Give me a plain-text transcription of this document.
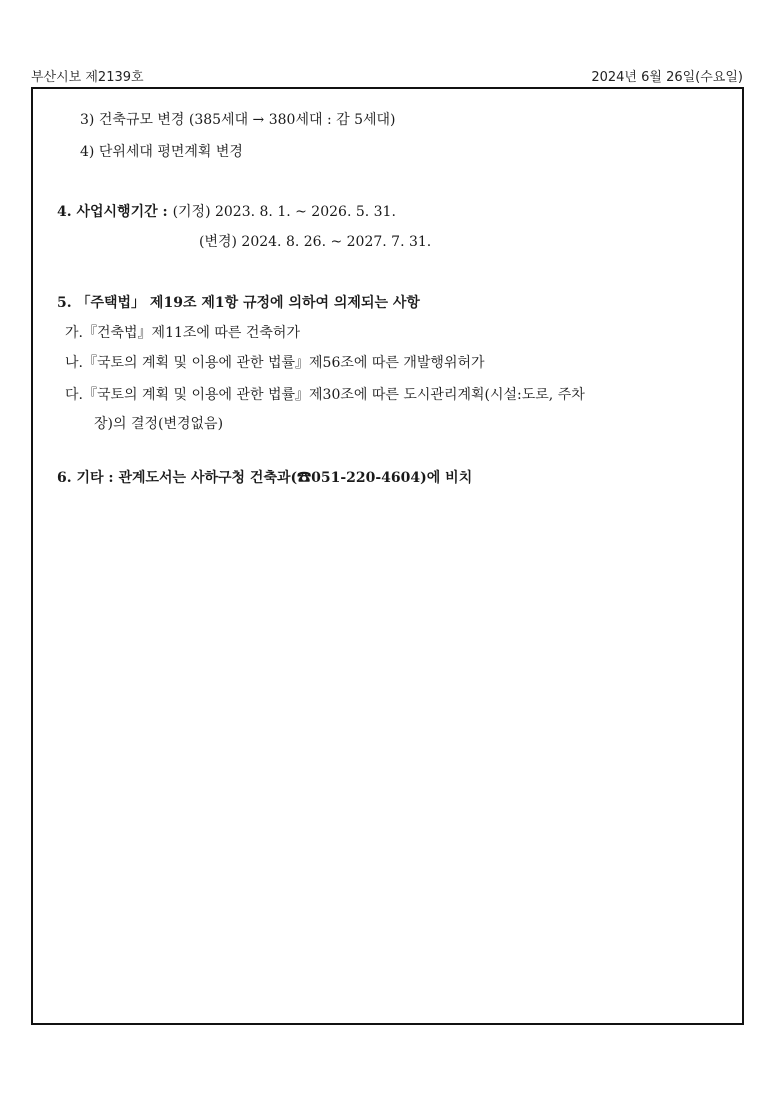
부산시보 제2139호	2024년 6월 26일(수요일)
3) 건축규모 변경 (385세대 → 380세대 : 감 5세대)
4) 단위세대 평면계획 변경
4. 사업시행기간 : (기정) 2023. 8. 1. ~ 2026. 5. 31.
(변경) 2024. 8. 26. ~ 2027. 7. 31.
5. 「주택법」 제19조 제1항 규정에 의하여 의제되는 사항
가.『건축법』제11조에 따른 건축허가
나.『국토의 계획 및 이용에 관한 법률』제56조에 따른 개발행위허가
다.『국토의 계획 및 이용에 관한 법률』제30조에 따른 도시관리계획(시설:도로, 주차
장)의 결정(변경없음)
6. 기타 : 관계도서는 사하구청 건축과(☎051-220-4604)에 비치
